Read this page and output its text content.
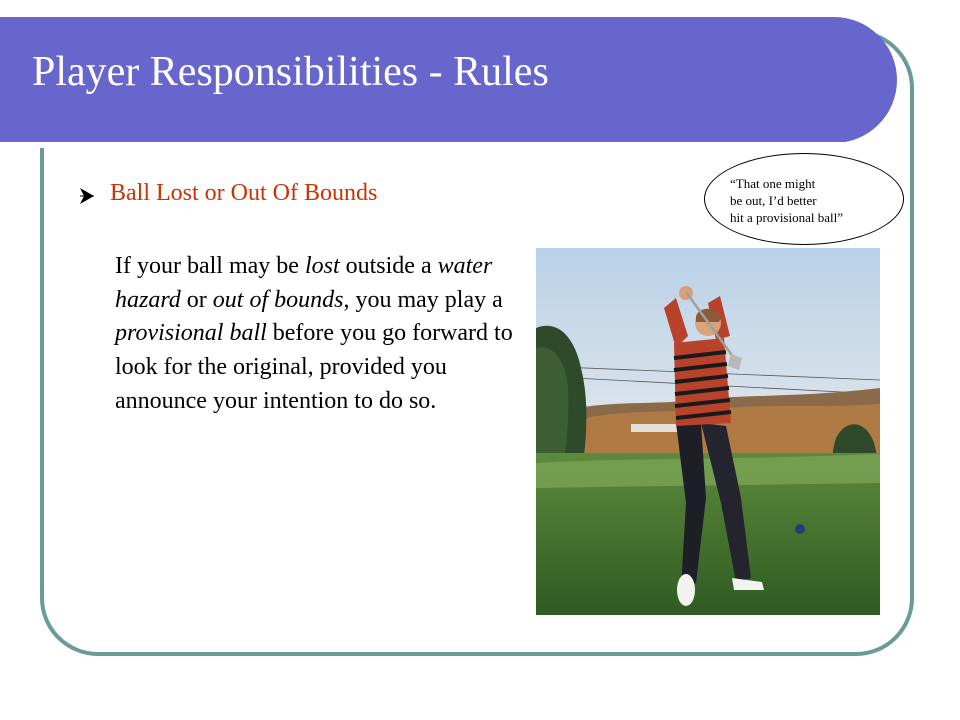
Player Responsibilities - Rules
Ball Lost or Out Of Bounds

If your ball may be lost outside a water hazard or out of bounds, you may play a provisional ball before you go forward to look for the original, provided you announce your intention to do so.

“That one might
be out, I’d better
hit a provisional ball”
